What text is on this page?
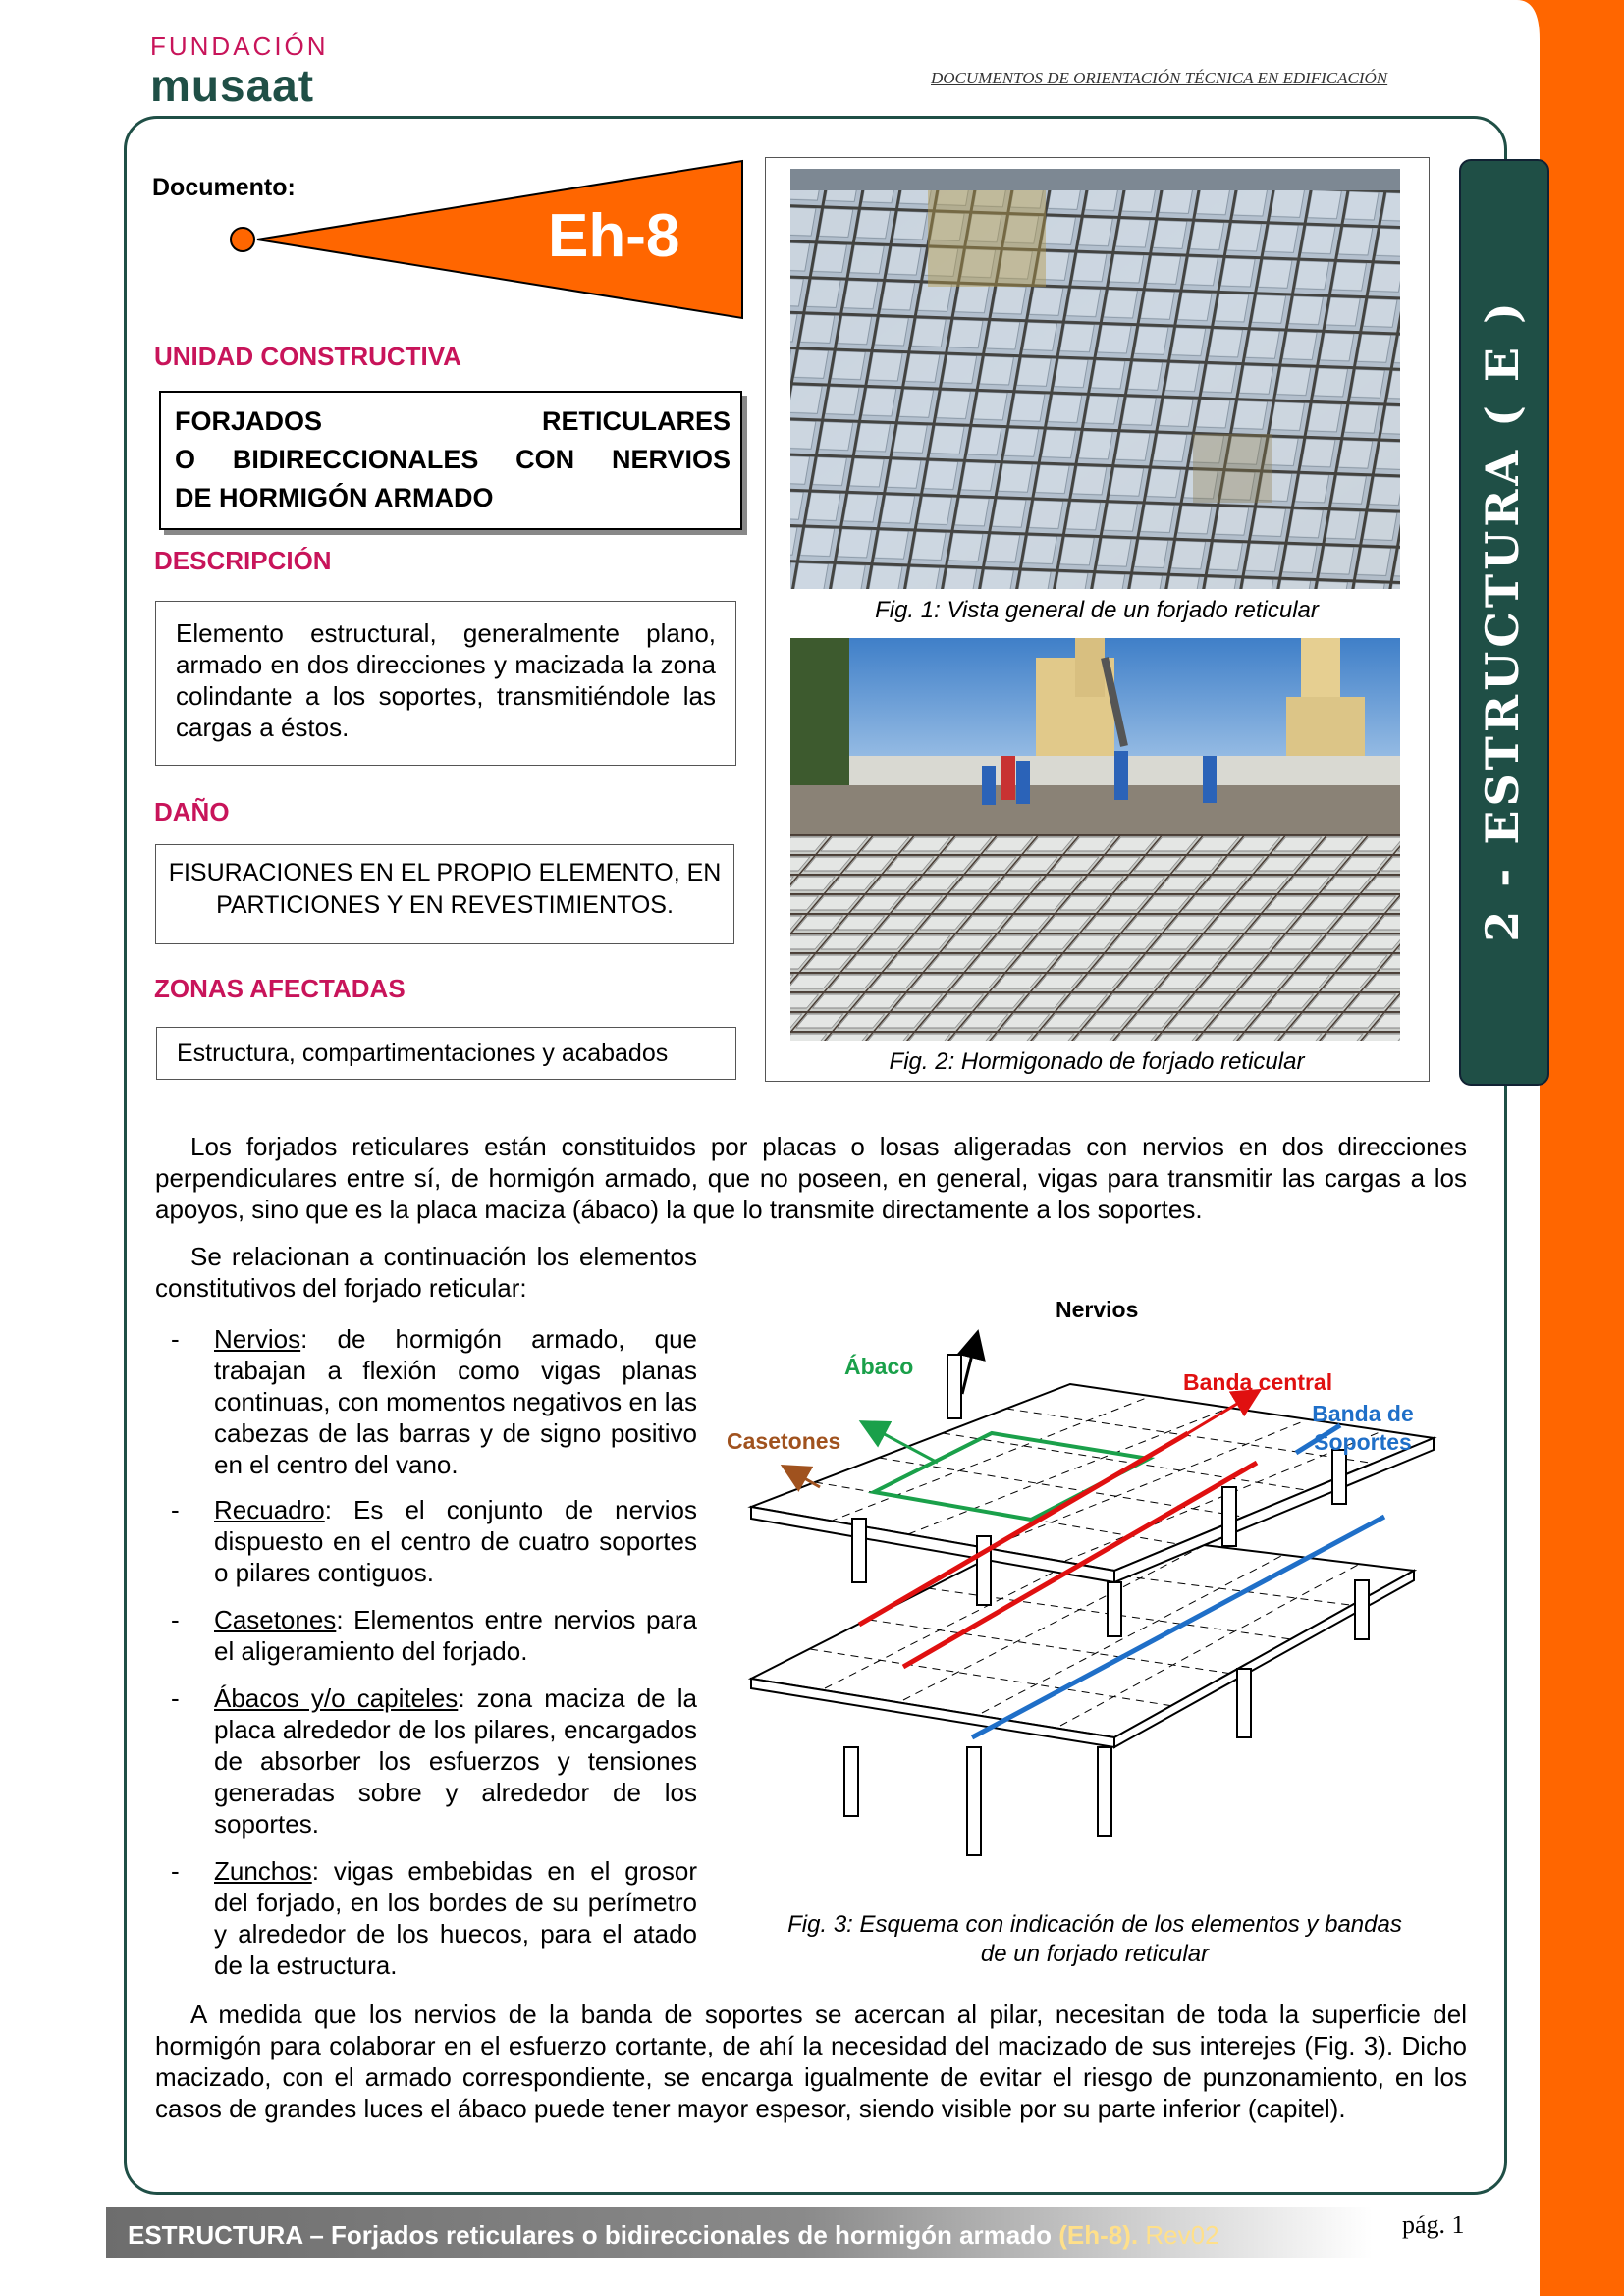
FUNDACIÓN
musaat	DOCUMENTOS DE ORIENTACIÓN TÉCNICA EN EDIFICACIÓN
2 - ESTRUCTURA ( E )
Documento:
Eh-8
UNIDAD CONSTRUCTIVA
FORJADOS RETICULARES
O BIDIRECCIONALES CON NERVIOS
DE HORMIGÓN ARMADO
DESCRIPCIÓN

Elemento estructural, generalmente plano, armado en dos direcciones y macizada la zona colindante a los soportes, transmitiéndole las cargas a éstos.

DAÑO

FISURACIONES EN EL PROPIO ELEMENTO, EN

PARTICIONES Y EN REVESTIMIENTOS.

ZONAS AFECTADAS

Estructura, compartimentaciones y acabados

Fig. 1: Vista general de un forjado reticular
Fig. 2: Hormigonado de forjado reticular
Los forjados reticulares están constituidos por placas o losas aligeradas con nervios en dos direcciones perpendiculares entre sí, de hormigón armado, que no poseen, en general, vigas para transmitir las cargas a los apoyos, sino que es la placa maciza (ábaco) la que lo transmite directamente a los soportes.
Se relacionan a continuación los elementos constitutivos del forjado reticular:
- Nervios: de hormigón armado, que trabajan a flexión como vigas planas continuas, con momentos negativos en las cabezas de las barras y de signo positivo en el centro del vano.
- Recuadro: Es el conjunto de nervios dispuesto en el centro de cuatro soportes o pilares contiguos.
- Casetones: Elementos entre nervios para el aligeramiento del forjado.
- Ábacos y/o capiteles: zona maciza de la placa alrededor de los pilares, encargados de absorber los esfuerzos y tensiones generadas sobre y alrededor de los soportes.
- Zunchos: vigas embebidas en el grosor del forjado, en los bordes de su perímetro y alrededor de los huecos, para el atado de la estructura.
Nervios
Ábaco
Banda central
Banda de
Soportes
Casetones
Fig. 3: Esquema con indicación de los elementos y bandas
de un forjado reticular
A medida que los nervios de la banda de soportes se acercan al pilar, necesitan de toda la superficie del hormigón para colaborar en el esfuerzo cortante, de ahí la necesidad del macizado de sus interejes (Fig. 3). Dicho macizado, con el armado correspondiente, se encarga igualmente de evitar el riesgo de punzonamiento, en los casos de grandes luces el ábaco puede tener mayor espesor, siendo visible por su parte inferior (capitel).
ESTRUCTURA – Forjados reticulares o bidireccionales de hormigón armado (Eh-8). Rev02	pág. 1
